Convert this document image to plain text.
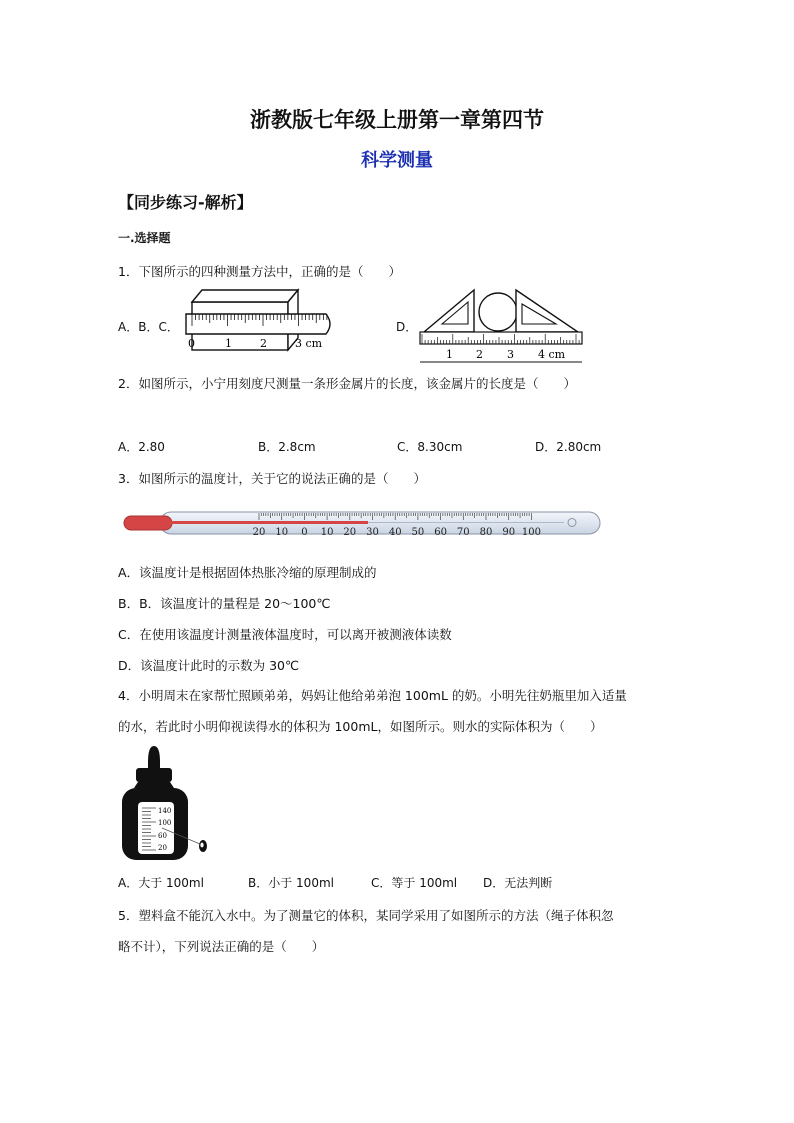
浙教版七年级上册第一章第四节
科学测量
【同步练习-解析】
一.选择题
1．下图所示的四种测量方法中，正确的是（　　）
A．B．C．
0	1	2	3 cm
D．
1 2 3 4 cm
2．如图所示，小宁用刻度尺测量一条形金属片的长度，该金属片的长度是（　　）
A．2.80	B．2.8cm	C．8.30cm	D．2.80cm
3．如图所示的温度计，关于它的说法正确的是（　　）
20 10 0 10 20 30 40 50 60 70 80 90 100
A．该温度计是根据固体热胀冷缩的原理制成的
B．B．该温度计的量程是 20～100℃
C．在使用该温度计测量液体温度时，可以离开被测液体读数
D．该温度计此时的示数为 30℃
4．小明周末在家帮忙照顾弟弟，妈妈让他给弟弟泡 100mL 的奶。小明先往奶瓶里加入适量
的水，若此时小明仰视读得水的体积为 100mL，如图所示。则水的实际体积为（　　）
140
100
60
20
A．大于 100ml	B．小于 100ml	C．等于 100ml D．无法判断
5．塑料盒不能沉入水中。为了测量它的体积，某同学采用了如图所示的方法（绳子体积忽
略不计），下列说法正确的是（　　）
